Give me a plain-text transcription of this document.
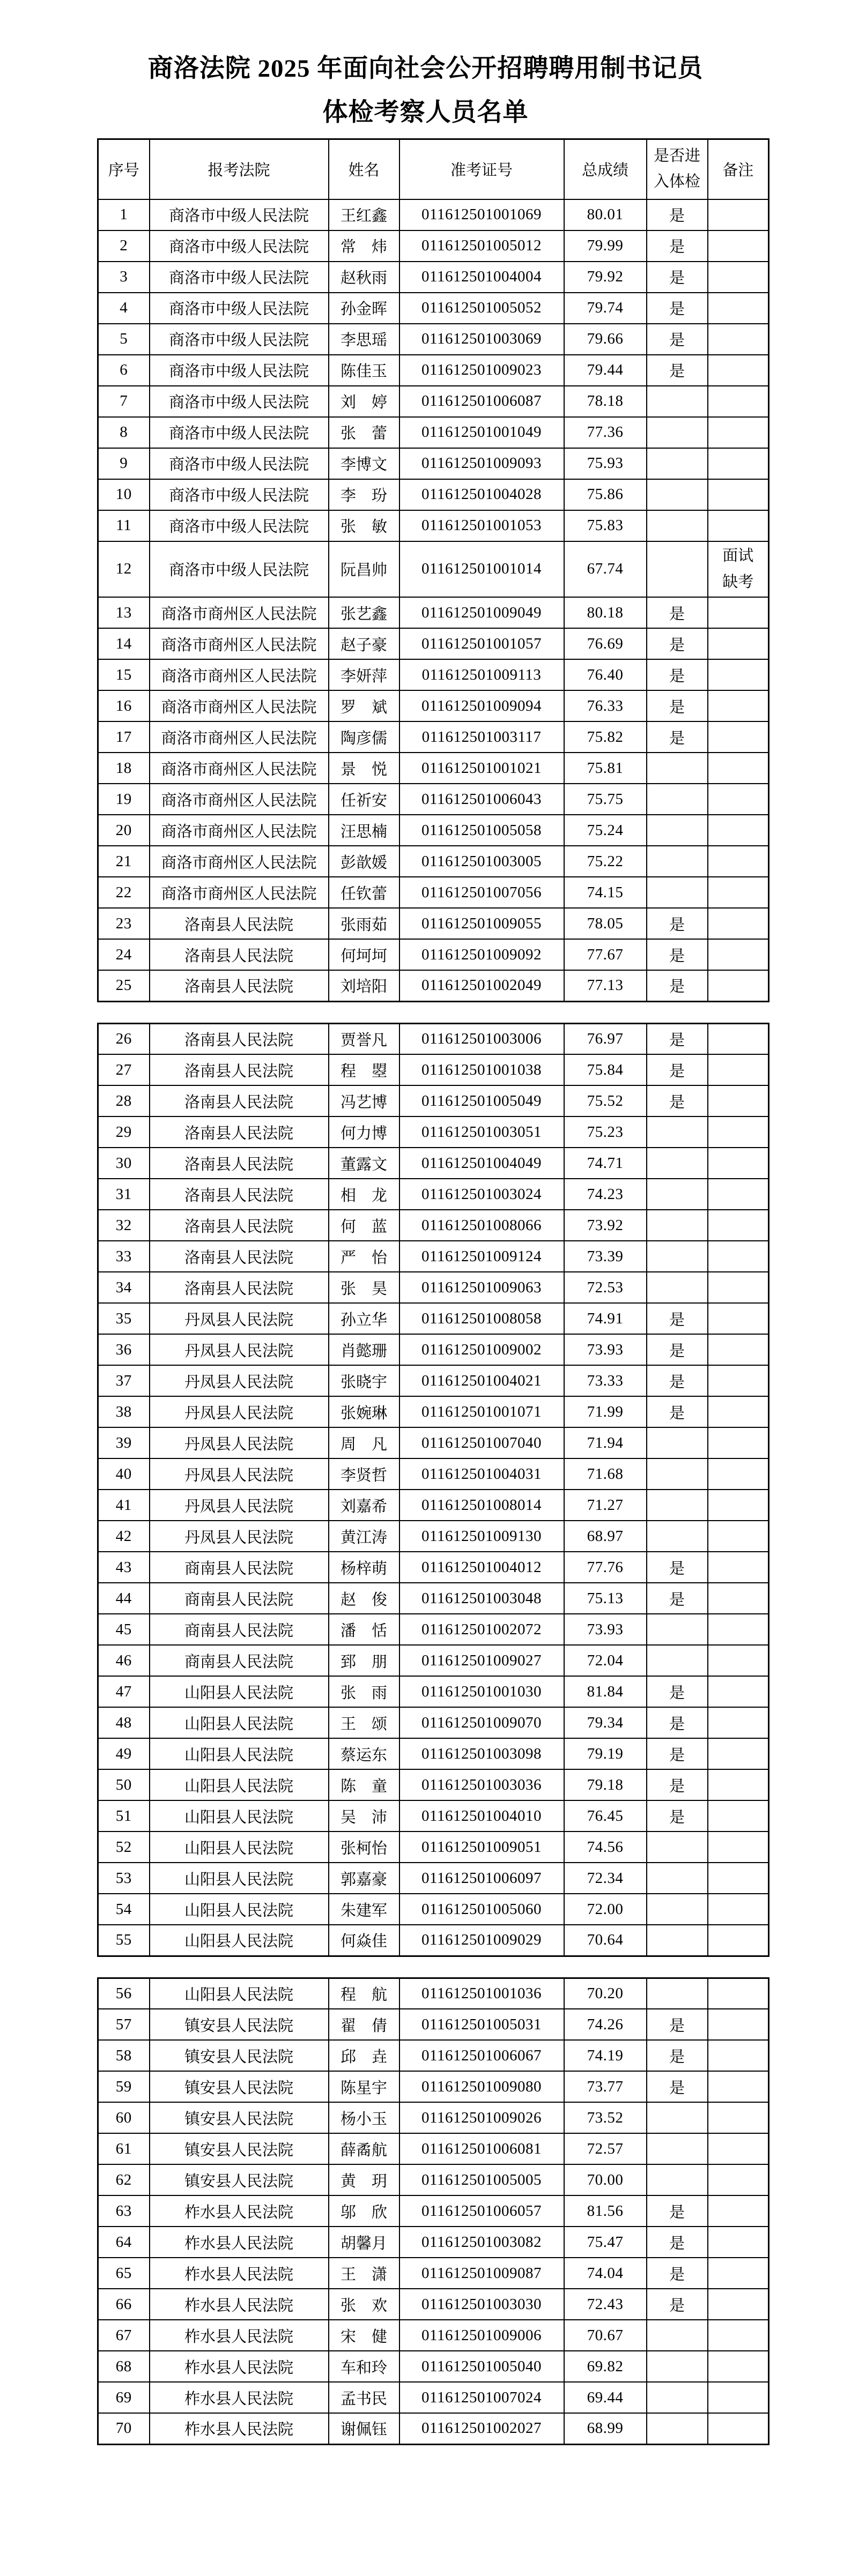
商洛法院 2025 年面向社会公开招聘聘用制书记员
体检考察人员名单
序号	报考法院	姓名	准考证号	总成绩	是否进入体检	备注
1	商洛市中级人民法院	王红鑫	011612501001069	80.01	是	
2	商洛市中级人民法院	常　炜	011612501005012	79.99	是	
3	商洛市中级人民法院	赵秋雨	011612501004004	79.92	是	
4	商洛市中级人民法院	孙金晖	011612501005052	79.74	是	
5	商洛市中级人民法院	李思瑶	011612501003069	79.66	是	
6	商洛市中级人民法院	陈佳玉	011612501009023	79.44	是	
7	商洛市中级人民法院	刘　婷	011612501006087	78.18		
8	商洛市中级人民法院	张　蕾	011612501001049	77.36		
9	商洛市中级人民法院	李博文	011612501009093	75.93		
10	商洛市中级人民法院	李　玢	011612501004028	75.86		
11	商洛市中级人民法院	张　敏	011612501001053	75.83		
12	商洛市中级人民法院	阮昌帅	011612501001014	67.74		面试缺考
13	商洛市商州区人民法院	张艺鑫	011612501009049	80.18	是	
14	商洛市商州区人民法院	赵子豪	011612501001057	76.69	是	
15	商洛市商州区人民法院	李妍萍	011612501009113	76.40	是	
16	商洛市商州区人民法院	罗　斌	011612501009094	76.33	是	
17	商洛市商州区人民法院	陶彦儒	011612501003117	75.82	是	
18	商洛市商州区人民法院	景　悦	011612501001021	75.81		
19	商洛市商州区人民法院	任祈安	011612501006043	75.75		
20	商洛市商州区人民法院	汪思楠	011612501005058	75.24		
21	商洛市商州区人民法院	彭歆媛	011612501003005	75.22		
22	商洛市商州区人民法院	任钦蕾	011612501007056	74.15		
23	洛南县人民法院	张雨茹	011612501009055	78.05	是	
24	洛南县人民法院	何坷坷	011612501009092	77.67	是	
25	洛南县人民法院	刘培阳	011612501002049	77.13	是	
26	洛南县人民法院	贾誉凡	011612501003006	76.97	是	
27	洛南县人民法院	程　曌	011612501001038	75.84	是	
28	洛南县人民法院	冯艺博	011612501005049	75.52	是	
29	洛南县人民法院	何力博	011612501003051	75.23		
30	洛南县人民法院	董露文	011612501004049	74.71		
31	洛南县人民法院	相　龙	011612501003024	74.23		
32	洛南县人民法院	何　蓝	011612501008066	73.92		
33	洛南县人民法院	严　怡	011612501009124	73.39		
34	洛南县人民法院	张　昊	011612501009063	72.53		
35	丹凤县人民法院	孙立华	011612501008058	74.91	是	
36	丹凤县人民法院	肖懿珊	011612501009002	73.93	是	
37	丹凤县人民法院	张晓宇	011612501004021	73.33	是	
38	丹凤县人民法院	张婉琳	011612501001071	71.99	是	
39	丹凤县人民法院	周　凡	011612501007040	71.94		
40	丹凤县人民法院	李贤哲	011612501004031	71.68		
41	丹凤县人民法院	刘嘉希	011612501008014	71.27		
42	丹凤县人民法院	黄江涛	011612501009130	68.97		
43	商南县人民法院	杨梓萌	011612501004012	77.76	是	
44	商南县人民法院	赵　俊	011612501003048	75.13	是	
45	商南县人民法院	潘　恬	011612501002072	73.93		
46	商南县人民法院	郅　朋	011612501009027	72.04		
47	山阳县人民法院	张　雨	011612501001030	81.84	是	
48	山阳县人民法院	王　颂	011612501009070	79.34	是	
49	山阳县人民法院	蔡运东	011612501003098	79.19	是	
50	山阳县人民法院	陈　童	011612501003036	79.18	是	
51	山阳县人民法院	吴　沛	011612501004010	76.45	是	
52	山阳县人民法院	张柯怡	011612501009051	74.56		
53	山阳县人民法院	郭嘉豪	011612501006097	72.34		
54	山阳县人民法院	朱建军	011612501005060	72.00		
55	山阳县人民法院	何焱佳	011612501009029	70.64		
56	山阳县人民法院	程　航	011612501001036	70.20		
57	镇安县人民法院	翟　倩	011612501005031	74.26	是	
58	镇安县人民法院	邱　垚	011612501006067	74.19	是	
59	镇安县人民法院	陈星宇	011612501009080	73.77	是	
60	镇安县人民法院	杨小玉	011612501009026	73.52		
61	镇安县人民法院	薛矞航	011612501006081	72.57		
62	镇安县人民法院	黄　玥	011612501005005	70.00		
63	柞水县人民法院	邬　欣	011612501006057	81.56	是	
64	柞水县人民法院	胡馨月	011612501003082	75.47	是	
65	柞水县人民法院	王　潇	011612501009087	74.04	是	
66	柞水县人民法院	张　欢	011612501003030	72.43	是	
67	柞水县人民法院	宋　健	011612501009006	70.67		
68	柞水县人民法院	车和玲	011612501005040	69.82		
69	柞水县人民法院	孟书民	011612501007024	69.44		
70	柞水县人民法院	谢佩钰	011612501002027	68.99		
